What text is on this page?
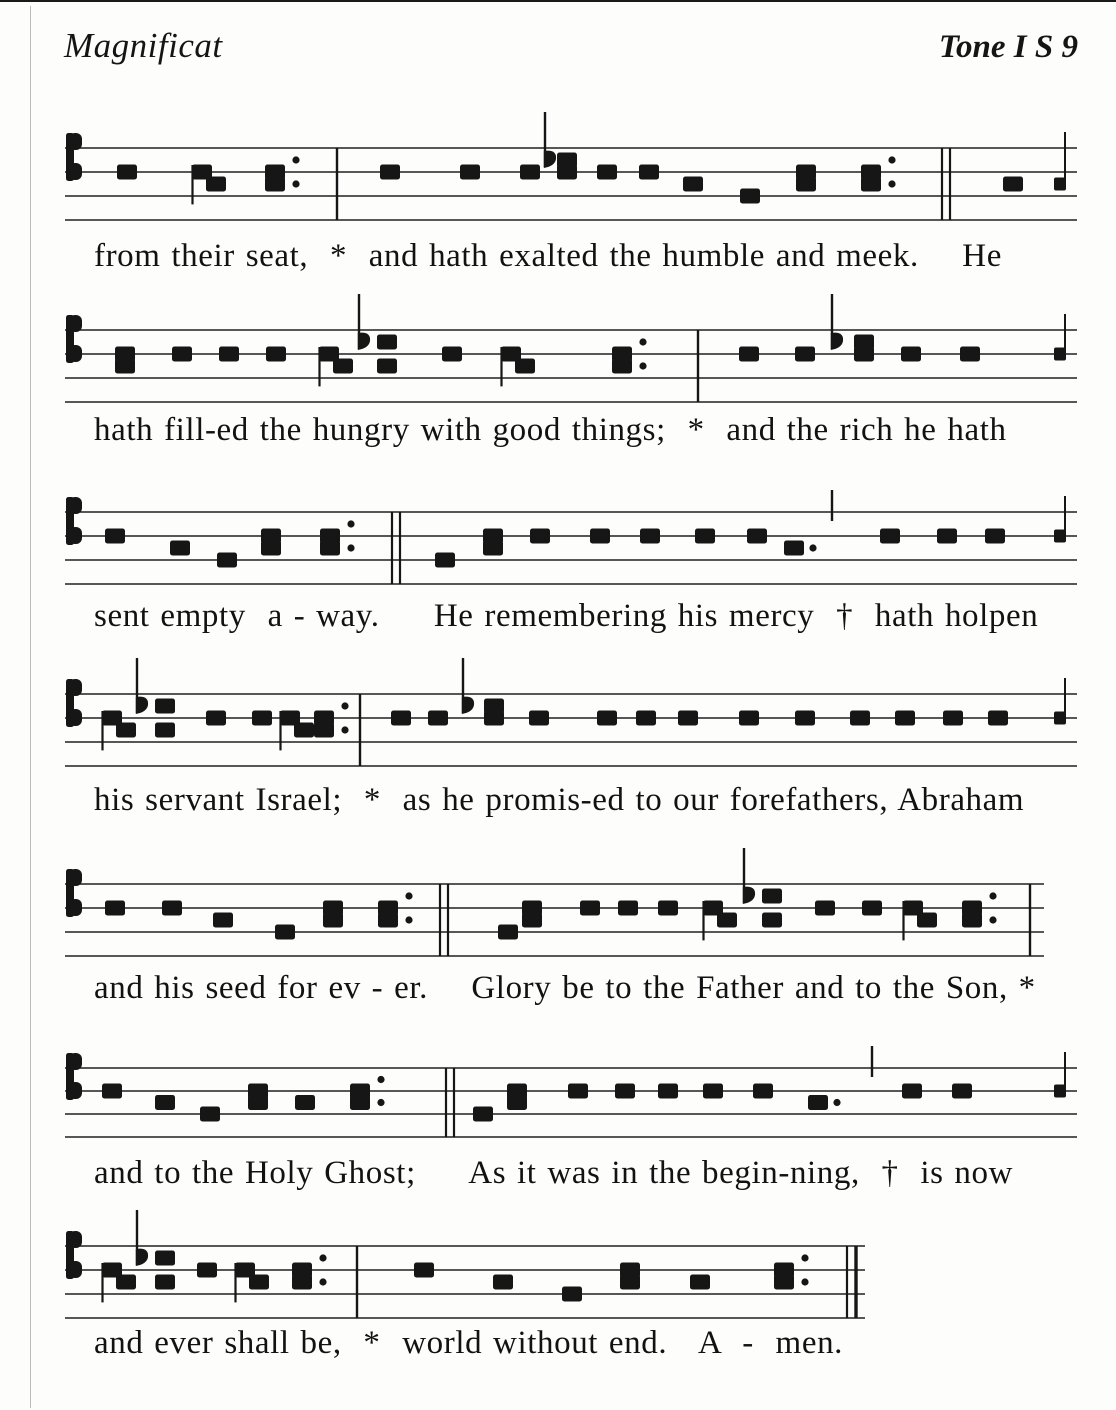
Magnificat	Tone I S 9
from their seat,  *  and hath exalted the humble and meek.    He
hath fill-ed the hungry with good things;  *  and the rich he hath
sent empty  a - way.     He remembering his mercy  †  hath holpen
his servant Israel;  *  as he promis-ed to our forefathers, Abraham
and his seed for ev - er.    Glory be to the Father and to the Son, *
and to the Holy Ghost;     As it was in the begin-ning,  †  is now
and ever shall be,  *  world without end.   A  -  men.
